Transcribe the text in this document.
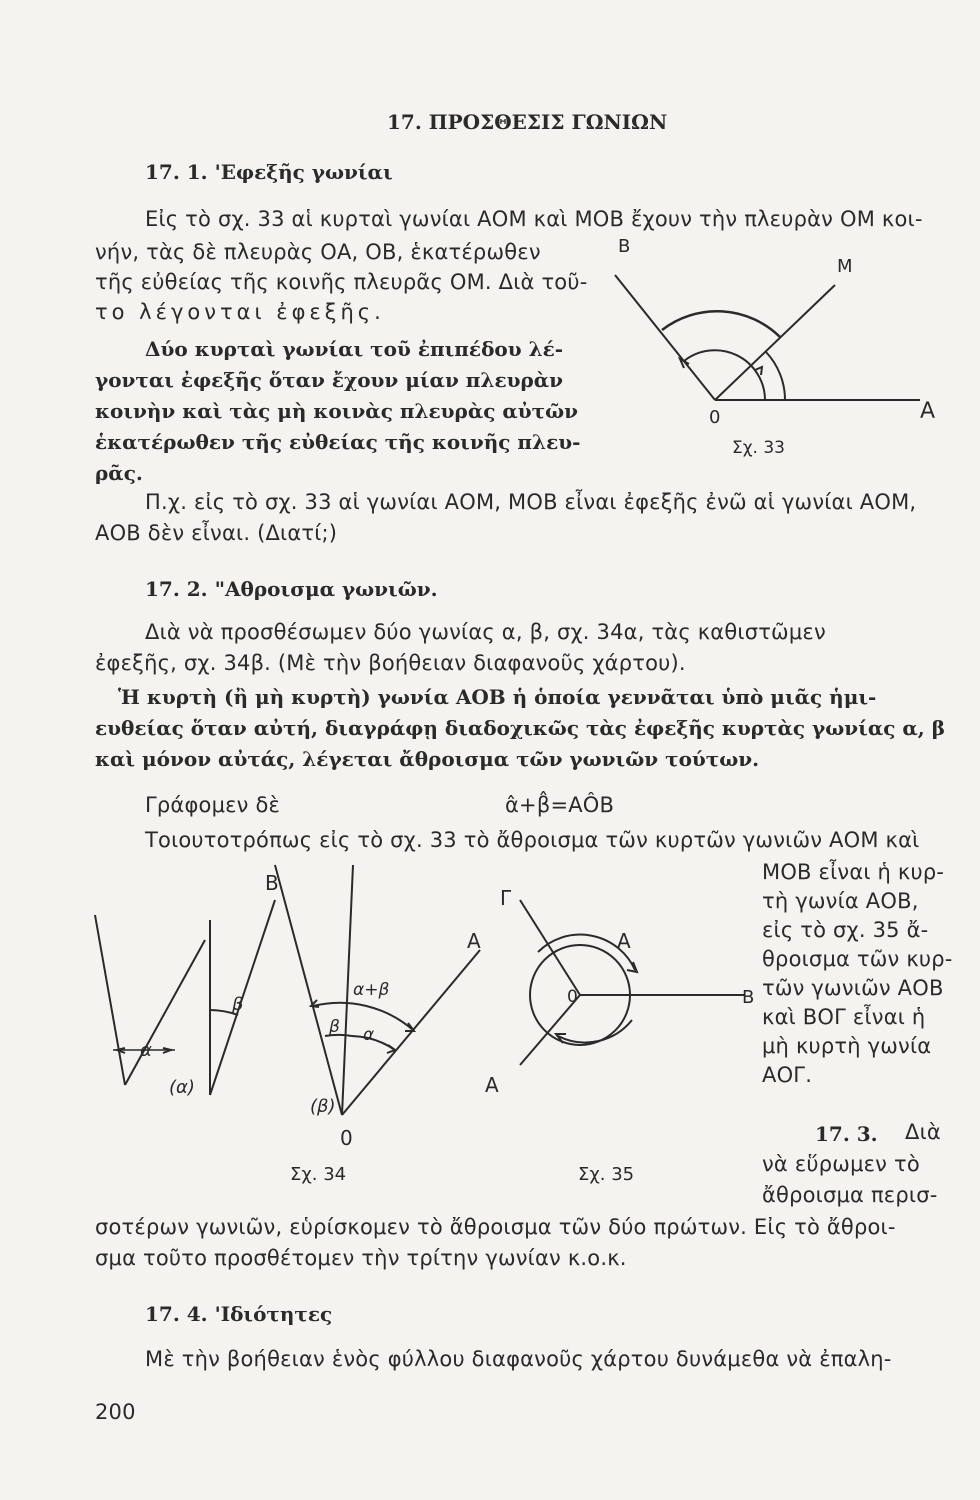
17. ΠΡΟΣΘΕΣΙΣ ΓΩΝΙΩΝ
17. 1. 'Εφεξῆς γωνίαι
Εἰς τὸ σχ. 33 αἱ κυρταὶ γωνίαι ΑΟΜ καὶ ΜΟΒ ἔχουν τὴν πλευρὰν ΟΜ κοι-
νήν, τὰς δὲ πλευρὰς ΟΑ, ΟΒ, ἑκατέρωθεν
τῆς εὐθείας τῆς κοινῆς πλευρᾶς ΟΜ. Διὰ τοῦ-
το λέγονται ἐφεξῆς.
Δύο κυρταὶ γωνίαι τοῦ ἐπιπέδου λέ-
γονται ἐφεξῆς ὅταν ἔχουν μίαν πλευρὰν
κοινὴν καὶ τὰς μὴ κοινὰς πλευρὰς αὐτῶν
ἑκατέρωθεν τῆς εὐθείας τῆς κοινῆς πλευ-
ρᾶς.
Β
Μ
0	Α
Σχ. 33
Π.χ. εἰς τὸ σχ. 33 αἱ γωνίαι ΑΟΜ, ΜΟΒ εἶναι ἐφεξῆς ἐνῶ αἱ γωνίαι ΑΟΜ,
ΑΟΒ δὲν εἶναι. (Διατί;)
17. 2. "Αθροισμα γωνιῶν.
Διὰ νὰ προσθέσωμεν δύο γωνίας α, β, σχ. 34α, τὰς καθιστῶμεν
ἐφεξῆς, σχ. 34β. (Μὲ τὴν βοήθειαν διαφανοῦς χάρτου).
Ἡ κυρτὴ (ἢ μὴ κυρτὴ) γωνία ΑΟΒ ἡ ὁποία γεννᾶται ὑπὸ μιᾶς ἡμι-
ευθείας ὅταν αὐτή, διαγράφῃ διαδοχικῶς τὰς ἐφεξῆς κυρτὰς γωνίας α, β
καὶ μόνον αὐτάς, λέγεται ἄθροισμα τῶν γωνιῶν τούτων.
Γράφομεν δὲ	α̂+β̂=ΑÔΒ
Τοιουτοτρόπως εἰς τὸ σχ. 33 τὸ ἄθροισμα τῶν κυρτῶν γωνιῶν ΑΟΜ καὶ
ΜΟΒ εἶναι ἡ κυρ-
τὴ γωνία ΑΟΒ,
εἰς τὸ σχ. 35 ἄ-
θροισμα τῶν κυρ-
τῶν γωνιῶν ΑΟΒ
καὶ ΒΟΓ εἶναι ἡ
μὴ κυρτὴ γωνία
ΑΟΓ.
α
β
(α)
(β)
Β
α+β
β α
Α
0
Σχ. 34
Γ
Α
0	Β
Α
Σχ. 35
17. 3. Διὰ
νὰ εὕρωμεν τὸ
ἄθροισμα περισ-
σοτέρων γωνιῶν, εὑρίσκομεν τὸ ἄθροισμα τῶν δύο πρώτων. Εἰς τὸ ἄθροι-
σμα τοῦτο προσθέτομεν τὴν τρίτην γωνίαν κ.ο.κ.
17. 4. 'Ιδιότητες
Μὲ τὴν βοήθειαν ἑνὸς φύλλου διαφανοῦς χάρτου δυνάμεθα νὰ ἐπαλη-
200
